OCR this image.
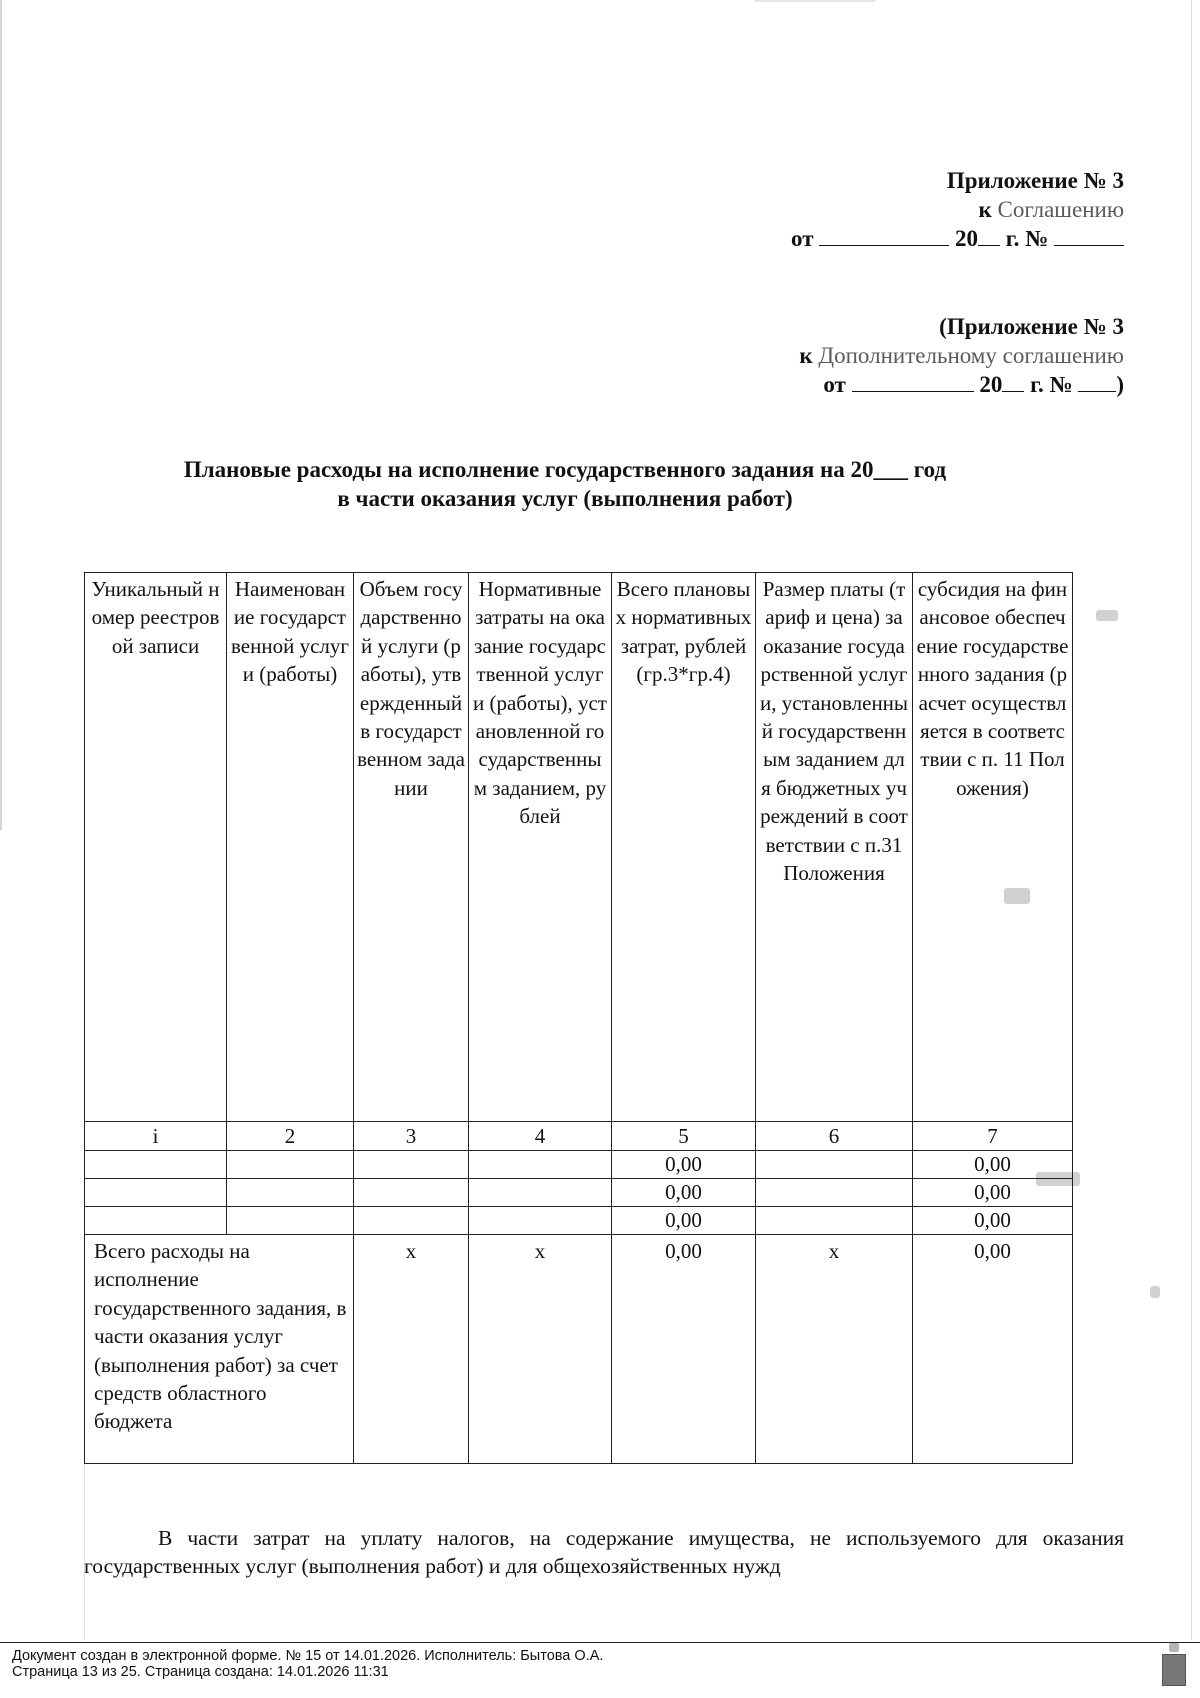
Приложение № 3
к Соглашению
от	20 г. №
(Приложение № 3
к Дополнительному соглашению
от	20 г. № )
Плановые расходы на исполнение государственного задания на 20___ год
в части оказания услуг (выполнения работ)
Уникальный номер реестровой записи	Наименование государственной услуги (работы)	Объем государственной услуги (работы), утвержденный в государственном задании	Нормативные затраты на оказание государственной услуги (работы), установленной государственным заданием, рублей	Всего плановых нормативных затрат, рублей (гр.3*гр.4)	Размер платы (тариф и цена) за оказание государственной услуги, установленный государственным заданием для бюджетных учреждений в соответствии с п.31 Положения	субсидия на финансовое обеспечение государственного задания (расчет осуществляется в соответствии с п. 11 Положения)
i	2	3	4	5	6	7
				0,00		0,00
				0,00		0,00
				0,00		0,00
Всего расходы на исполнение государственного задания, в части оказания услуг (выполнения работ) за счет средств областного бюджета		x	x	0,00	x	0,00
В части затрат на уплату налогов, на содержание имущества, не используемого для оказания государственных услуг (выполнения работ) и для общехозяйственных нужд
Документ создан в электронной форме. № 15 от 14.01.2026. Исполнитель: Бытова О.А.
Страница 13 из 25. Страница создана: 14.01.2026 11:31
